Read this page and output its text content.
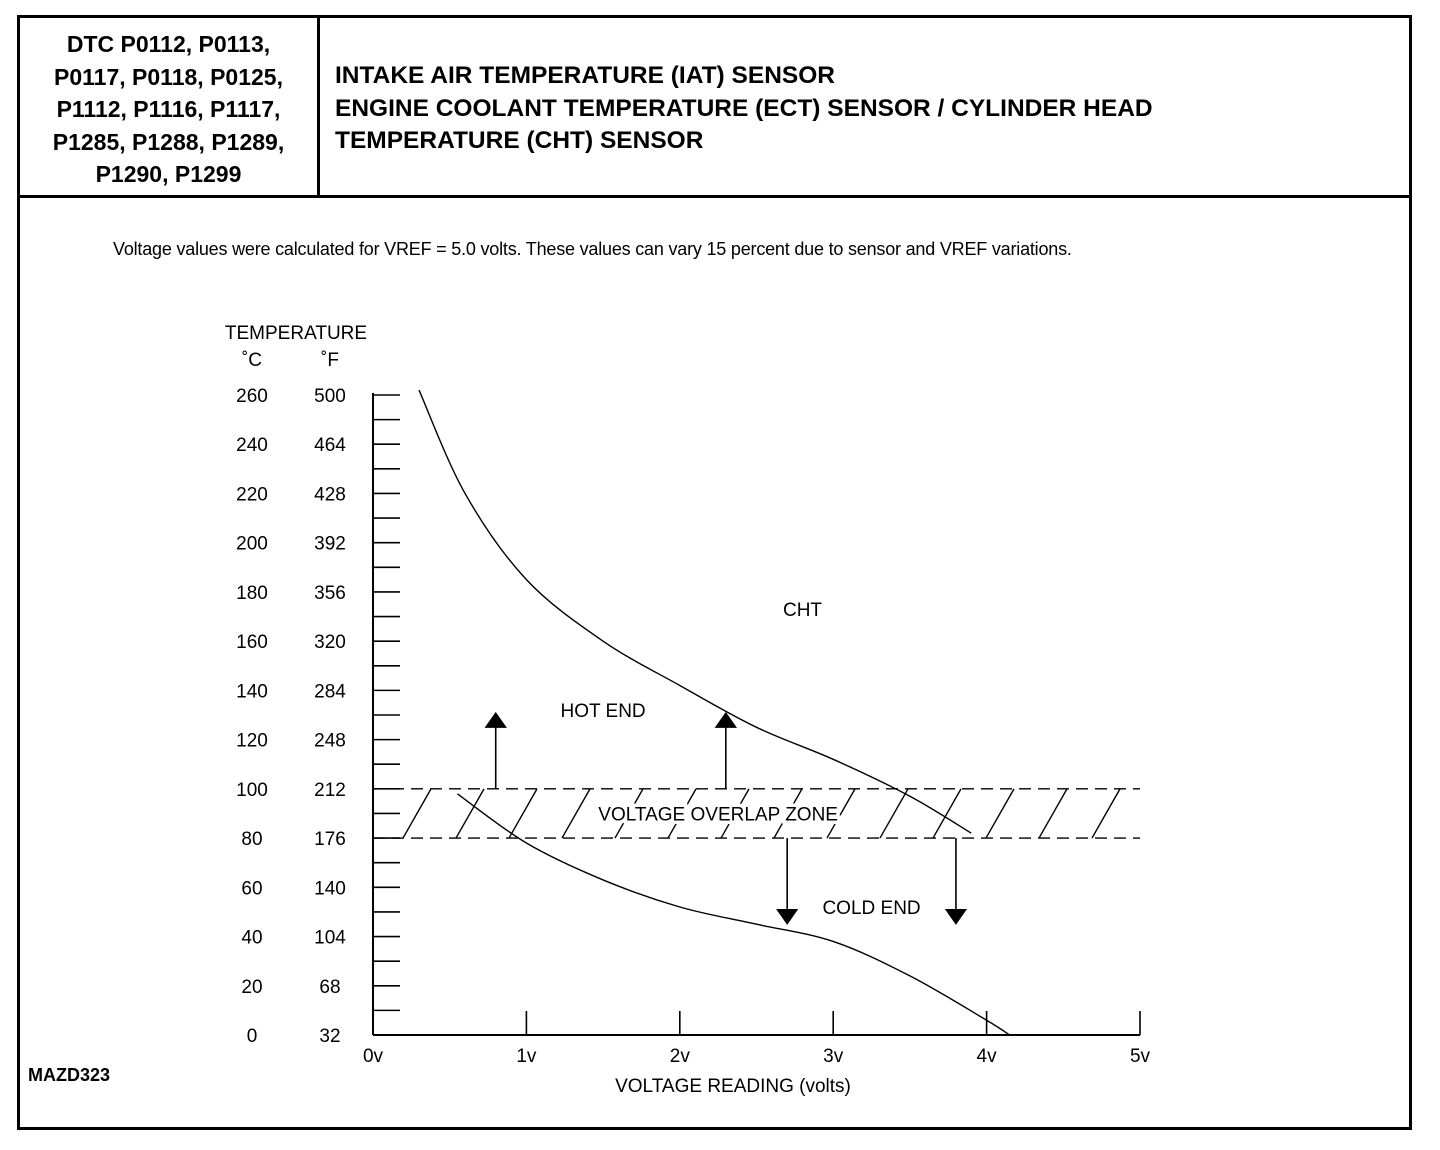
DTC P0112, P0113,
P0117, P0118, P0125,
P1112, P1116, P1117,
P1285, P1288, P1289,
P1290, P1299
INTAKE AIR TEMPERATURE (IAT) SENSOR
ENGINE COOLANT TEMPERATURE (ECT) SENSOR / CYLINDER HEAD
TEMPERATURE (CHT) SENSOR
Voltage values were calculated for VREF = 5.0 volts. These values can vary 15 percent due to sensor and VREF variations.
TEMPERATURE
˚C	˚F
VOLTAGE READING (volts)
0	32
20	68
40	104
60	140
80	176
100 212
120 248
140 284
160 320
180 356
200 392
220 428
240 464
260 500
0v	1v	2v	3v	4v	5v
VOLTAGE OVERLAP ZONE
CHT
HOT END
COLD END
MAZD323
